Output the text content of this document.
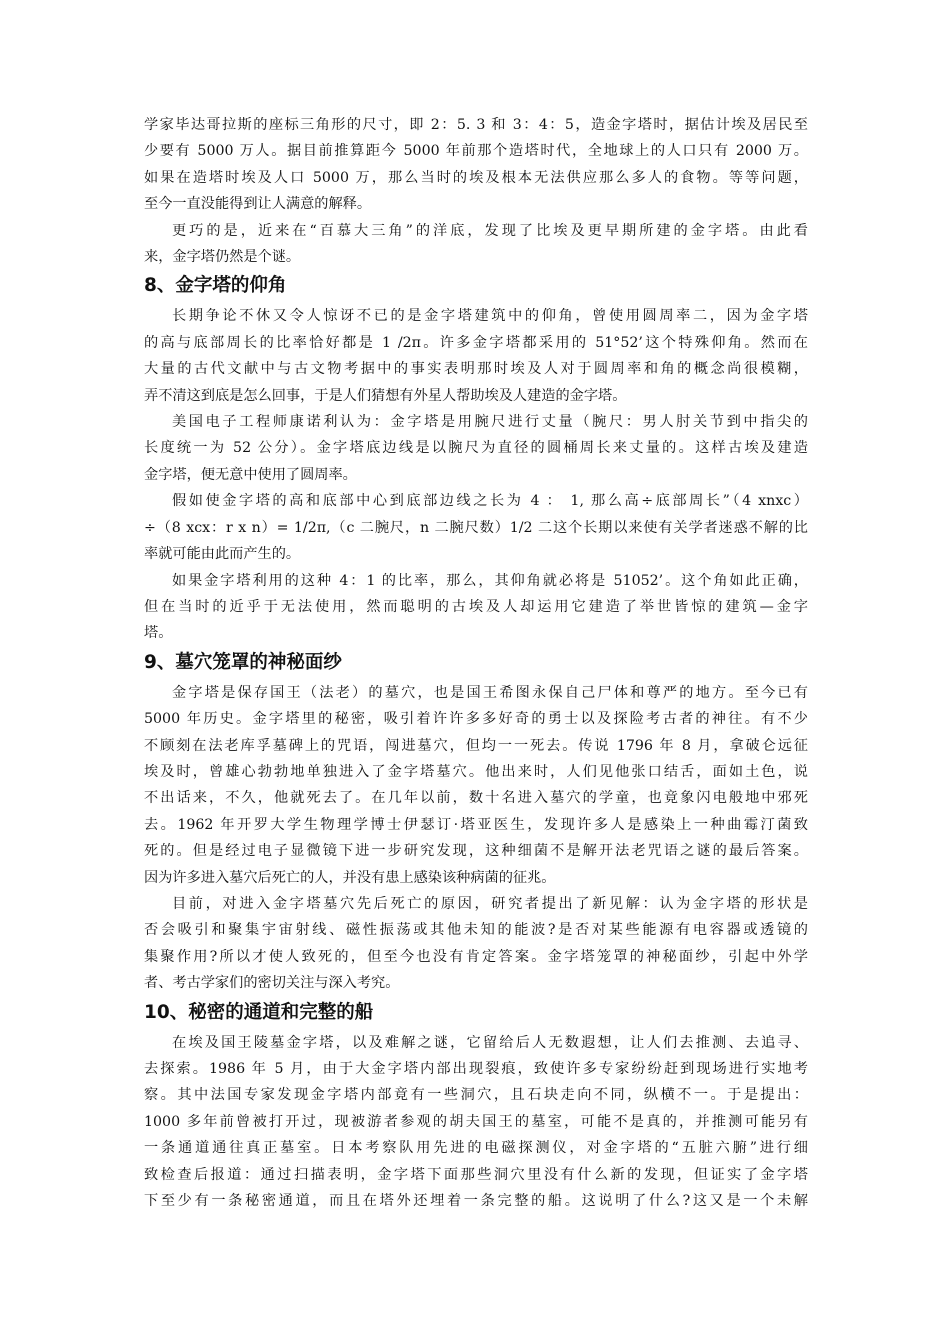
学家毕达哥拉斯的座标三角形的尺寸，即 2：5. 3 和 3：4：5，造金字塔时，据估计埃及居民至

少要有 5000 万人。据目前推算距今 5000 年前那个造塔时代，全地球上的人口只有 2000 万。

如果在造塔时埃及人口 5000 万，那么当时的埃及根本无法供应那么多人的食物。等等问题，

至今一直没能得到让人满意的解释。

更巧的是，近来在“百慕大三角”的洋底，发现了比埃及更早期所建的金字塔。由此看

来，金字塔仍然是个谜。

8、金字塔的仰角

长期争论不休又令人惊讶不已的是金字塔建筑中的仰角，曾使用圆周率二，因为金字塔

的高与底部周长的比率恰好都是 1 /2π。许多金字塔都采用的 51°52’这个特殊仰角。然而在

大量的古代文献中与古文物考据中的事实表明那时埃及人对于圆周率和角的概念尚很模糊，

弄不清这到底是怎么回事，于是人们猜想有外星人帮助埃及人建造的金字塔。

美国电子工程师康诺利认为：金字塔是用腕尺进行丈量（腕尺：男人肘关节到中指尖的

长度统一为 52 公分）。金字塔底边线是以腕尺为直径的圆桶周长来丈量的。这样古埃及建造

金字塔，便无意中使用了圆周率。

假如使金字塔的高和底部中心到底部边线之长为 4 ： 1, 那么高÷底部周长”（4 xnxc）

÷（8 xcx：r x n）= 1/2π,（c 二腕尺，n 二腕尺数）1/2 二这个长期以来使有关学者迷惑不解的比

率就可能由此而产生的。

如果金字塔利用的这种 4：1 的比率，那么，其仰角就必将是 51052’。这个角如此正确，

但在当时的近乎于无法使用，然而聪明的古埃及人却运用它建造了举世皆惊的建筑—金字

塔。

9、墓穴笼罩的神秘面纱

金字塔是保存国王（法老）的墓穴，也是国王希图永保自己尸体和尊严的地方。至今已有

5000 年历史。金字塔里的秘密，吸引着许许多多好奇的勇士以及探险考古者的神往。有不少

不顾刻在法老库孚墓碑上的咒语，闯进墓穴，但均一一死去。传说 1796 年 8 月，拿破仑远征

埃及时，曾雄心勃勃地单独进入了金字塔墓穴。他出来时，人们见他张口结舌，面如土色，说

不出话来，不久，他就死去了。在几年以前，数十名进入墓穴的学童，也竟象闪电般地中邪死

去。1962 年开罗大学生物理学博士伊瑟订·塔亚医生，发现许多人是感染上一种曲霉汀菌致

死的。但是经过电子显微镜下进一步研究发现，这种细菌不是解开法老咒语之谜的最后答案。

因为许多进入墓穴后死亡的人，并没有患上感染该种病菌的征兆。

目前，对进入金字塔墓穴先后死亡的原因，研究者提出了新见解：认为金字塔的形状是

否会吸引和聚集宇宙射线、磁性振荡或其他未知的能波?是否对某些能源有电容器或透镜的

集聚作用?所以才使人致死的，但至今也没有肯定答案。金字塔笼罩的神秘面纱，引起中外学

者、考古学家们的密切关注与深入考究。

10、秘密的通道和完整的船

在埃及国王陵墓金字塔，以及难解之谜，它留给后人无数遐想，让人们去推测、去追寻、

去探索。1986 年 5 月，由于大金字塔内部出现裂痕，致使许多专家纷纷赶到现场进行实地考

察。其中法国专家发现金字塔内部竟有一些洞穴，且石块走向不同，纵横不一。于是提出：

1000 多年前曾被打开过，现被游者参观的胡夫国王的墓室，可能不是真的，并推测可能另有

一条通道通往真正墓室。日本考察队用先进的电磁探测仪，对金字塔的“五脏六腑”进行细

致检查后报道：通过扫描表明，金字塔下面那些洞穴里没有什么新的发现，但证实了金字塔

下至少有一条秘密通道，而且在塔外还埋着一条完整的船。这说明了什么?这又是一个未解
